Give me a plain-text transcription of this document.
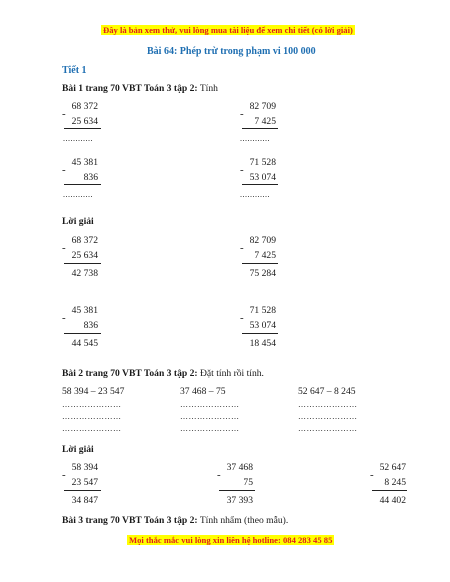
Đây là bản xem thử, vui lòng mua tài liệu để xem chi tiết (có lời giải)
Bài 64: Phép trừ trong phạm vi 100 000
Tiết 1
Bài 1 trang 70 VBT Toán 3 tập 2: Tính
68 372
-
25 634
............
82 709
-
7 425
............
45 381
-
836
............
71 528
-
53 074
............
Lời giải
68 372
-
25 634
42 738
82 709
-
7 425
75 284
45 381
-
836
44 545
71 528
-
53 074
18 454
Bài 2 trang 70 VBT Toán 3 tập 2: Đặt tính rồi tính.
58 394 – 23 547	37 468 – 75	52 647 – 8 245
…………………	…………………	…………………
…………………	…………………	…………………
…………………	…………………	…………………
Lời giải
58 394
-
23 547
34 847
37 468
-
75
37 393
52 647
-
8 245
44 402
Bài 3 trang 70 VBT Toán 3 tập 2: Tính nhẩm (theo mẫu).
Mọi thắc mắc vui lòng xin liên hệ hotline: 084 283 45 85
